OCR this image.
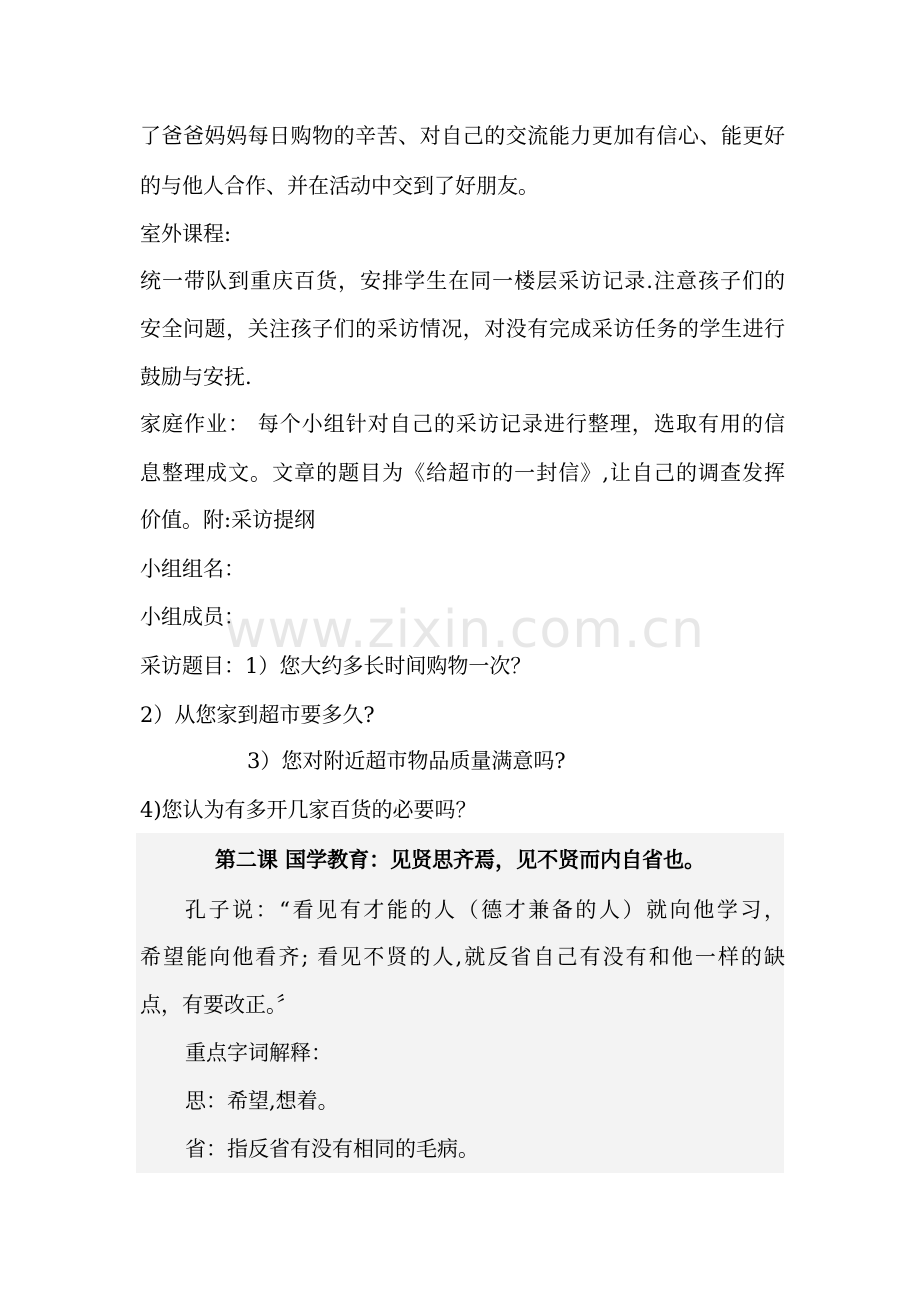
了爸爸妈妈每日购物的辛苦、对自己的交流能力更加有信心、能更好
的与他人合作、并在活动中交到了好朋友。
室外课程:
统一带队到重庆百货，安排学生在同一楼层采访记录.注意孩子们的
安全问题，关注孩子们的采访情况，对没有完成采访任务的学生进行
鼓励与安抚.
家庭作业： 每个小组针对自己的采访记录进行整理，选取有用的信
息整理成文。文章的题目为《给超市的一封信》,让自己的调查发挥
价值。附:采访提纲
小组组名：
小组成员：
采访题目：1）您大约多长时间购物一次？
2）从您家到超市要多久?
3）您对附近超市物品质量满意吗?
4)您认为有多开几家百货的必要吗？
第二课 国学教育：见贤思齐焉，见不贤而内自省也。
孔子说：“看见有才能的人（德才兼备的人）就向他学习，
希望能向他看齐; 看见不贤的人,就反省自己有没有和他一样的缺
点，有要改正。〞
重点字词解释：
思：希望,想着。
省：指反省有没有相同的毛病。
www.zixin.com.cn
